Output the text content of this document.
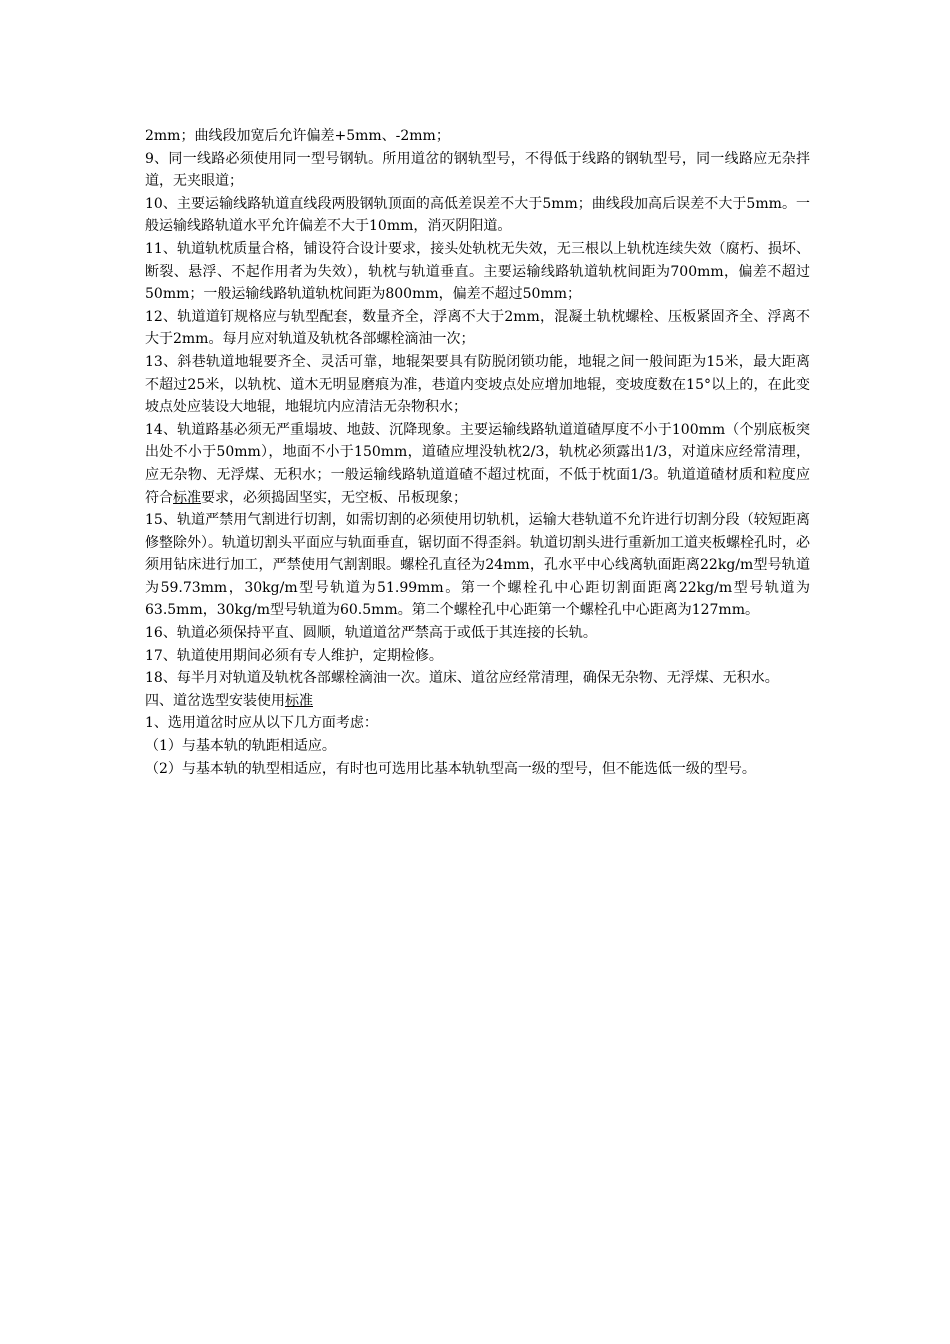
2mm；曲线段加宽后允许偏差+5mm、-2mm；

9、同一线路必须使用同一型号钢轨。所用道岔的钢轨型号，不得低于线路的钢轨型号，同一线路应无杂拌道，无夹眼道；

10、主要运输线路轨道直线段两股钢轨顶面的高低差误差不大于5mm；曲线段加高后误差不大于5mm。一般运输线路轨道水平允许偏差不大于10mm，消灭阴阳道。

11、轨道轨枕质量合格，铺设符合设计要求，接头处轨枕无失效，无三根以上轨枕连续失效（腐朽、损坏、断裂、悬浮、不起作用者为失效），轨枕与轨道垂直。主要运输线路轨道轨枕间距为700mm，偏差不超过50mm；一般运输线路轨道轨枕间距为800mm，偏差不超过50mm；

12、轨道道钉规格应与轨型配套，数量齐全，浮离不大于2mm，混凝土轨枕螺栓、压板紧固齐全、浮离不大于2mm。每月应对轨道及轨枕各部螺栓滴油一次；

13、斜巷轨道地辊要齐全、灵活可靠，地辊架要具有防脱闭锁功能，地辊之间一般间距为15米，最大距离不超过25米，以轨枕、道木无明显磨痕为准，巷道内变坡点处应增加地辊，变坡度数在15°以上的，在此变坡点处应装设大地辊，地辊坑内应清洁无杂物积水；

14、轨道路基必须无严重塌坡、地鼓、沉降现象。主要运输线路轨道道碴厚度不小于100mm（个别底板突出处不小于50mm），地面不小于150mm，道碴应埋没轨枕2/3，轨枕必须露出1/3，对道床应经常清理，应无杂物、无浮煤、无积水；一般运输线路轨道道碴不超过枕面，不低于枕面1/3。轨道道碴材质和粒度应符合标准要求，必须捣固坚实，无空板、吊板现象；

15、轨道严禁用气割进行切割，如需切割的必须使用切轨机，运输大巷轨道不允许进行切割分段（较短距离修整除外）。轨道切割头平面应与轨面垂直，锯切面不得歪斜。轨道切割头进行重新加工道夹板螺栓孔时，必须用钻床进行加工，严禁使用气割割眼。螺栓孔直径为24mm，孔水平中心线离轨面距离22kg/m型号轨道为59.73mm，30kg/m型号轨道为51.99mm。第一个螺栓孔中心距切割面距离22kg/m型号轨道为63.5mm，30kg/m型号轨道为60.5mm。第二个螺栓孔中心距第一个螺栓孔中心距离为127mm。

16、轨道必须保持平直、圆顺，轨道道岔严禁高于或低于其连接的长轨。

17、轨道使用期间必须有专人维护，定期检修。

18、每半月对轨道及轨枕各部螺栓滴油一次。道床、道岔应经常清理，确保无杂物、无浮煤、无积水。

四、道岔选型安装使用标准

1、选用道岔时应从以下几方面考虑：

（1）与基本轨的轨距相适应。

（2）与基本轨的轨型相适应，有时也可选用比基本轨轨型高一级的型号，但不能选低一级的型号。
